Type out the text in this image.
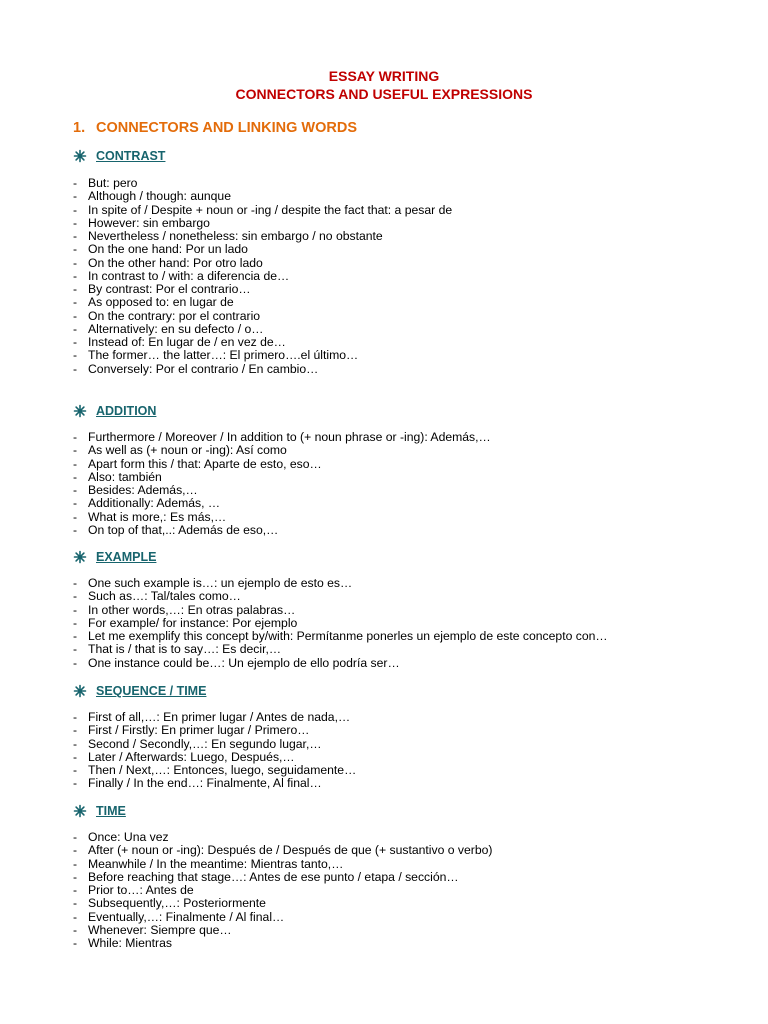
ESSAY WRITING
CONNECTORS AND USEFUL EXPRESSIONS
1. CONNECTORS AND LINKING WORDS
CONTRAST
- But: pero
- Although / though: aunque
- In spite of / Despite + noun or -ing / despite the fact that: a pesar de
- However: sin embargo
- Nevertheless / nonetheless: sin embargo / no obstante
- On the one hand: Por un lado
- On the other hand: Por otro lado
- In contrast to / with: a diferencia de…
- By contrast: Por el contrario…
- As opposed to: en lugar de
- On the contrary: por el contrario
- Alternatively: en su defecto / o…
- Instead of: En lugar de / en vez de…
- The former… the latter…: El primero….el último…
- Conversely: Por el contrario / En cambio…
ADDITION
- Furthermore / Moreover / In addition to (+ noun phrase or -ing): Además,…
- As well as (+ noun or -ing): Así como
- Apart form this / that: Aparte de esto, eso…
- Also: también
- Besides: Además,…
- Additionally: Además, …
- What is more,: Es más,…
- On top of that,..: Además de eso,…
EXAMPLE
- One such example is…: un ejemplo de esto es…
- Such as…: Tal/tales como…
- In other words,…: En otras palabras…
- For example/ for instance: Por ejemplo
- Let me exemplify this concept by/with: Permítanme ponerles un ejemplo de este concepto con…
- That is / that is to say…: Es decir,…
- One instance could be…: Un ejemplo de ello podría ser…
SEQUENCE / TIME
- First of all,…: En primer lugar / Antes de nada,…
- First / Firstly: En primer lugar / Primero…
- Second / Secondly,…: En segundo lugar,…
- Later / Afterwards: Luego, Después,…
- Then / Next,…: Entonces, luego, seguidamente…
- Finally / In the end…: Finalmente, Al final…
TIME
- Once: Una vez
- After (+ noun or -ing): Después de / Después de que (+ sustantivo o verbo)
- Meanwhile / In the meantime: Mientras tanto,…
- Before reaching that stage…: Antes de ese punto / etapa / sección…
- Prior to…: Antes de
- Subsequently,…: Posteriormente
- Eventually,…: Finalmente / Al final…
- Whenever: Siempre que…
- While: Mientras
